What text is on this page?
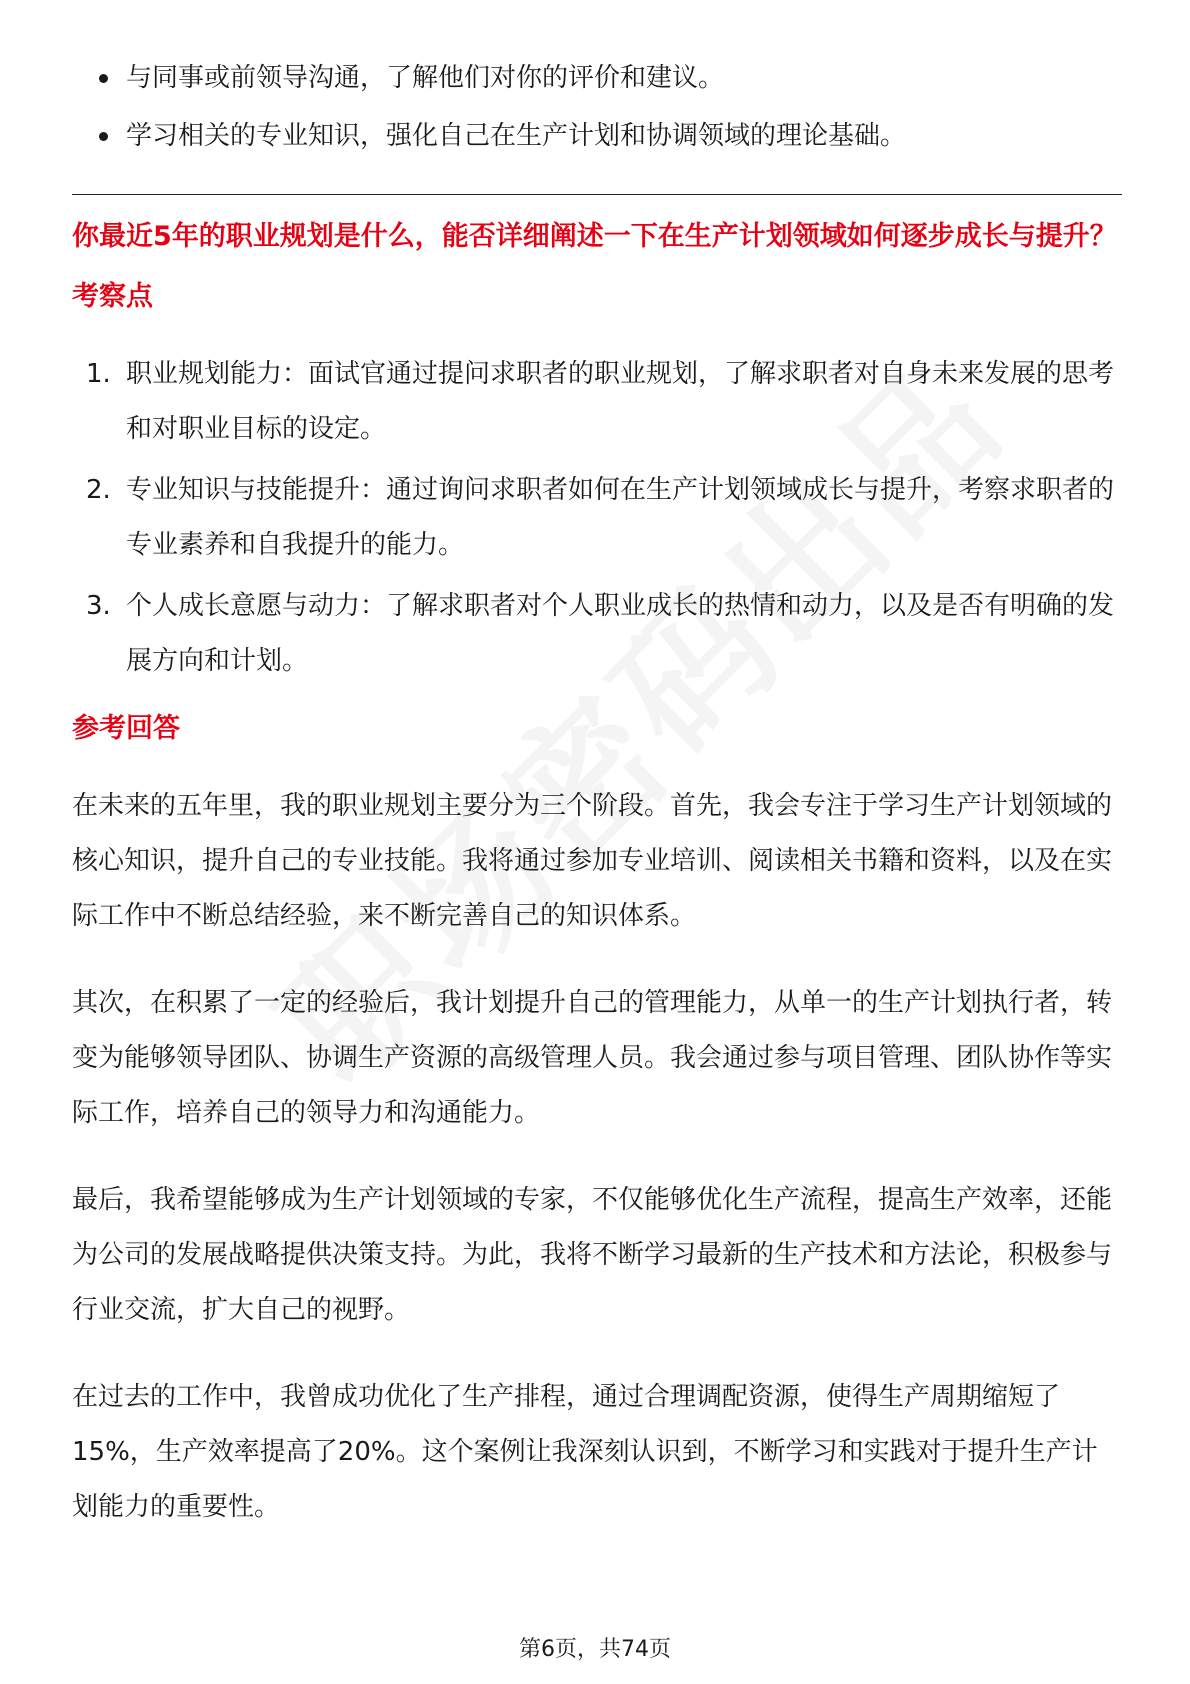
与同事或前领导沟通，了解他们对你的评价和建议。
学习相关的专业知识，强化自己在生产计划和协调领域的理论基础。
你最近5年的职业规划是什么，能否详细阐述一下在生产计划领域如何逐步成长与提升？
考察点
1. 职业规划能力：面试官通过提问求职者的职业规划，了解求职者对自身未来发展的思考和对职业目标的设定。
2. 专业知识与技能提升：通过询问求职者如何在生产计划领域成长与提升，考察求职者的专业素养和自我提升的能力。
3. 个人成长意愿与动力：了解求职者对个人职业成长的热情和动力，以及是否有明确的发展方向和计划。
参考回答

在未来的五年里，我的职业规划主要分为三个阶段。首先，我会专注于学习生产计划领域的核心知识，提升自己的专业技能。我将通过参加专业培训、阅读相关书籍和资料，以及在实际工作中不断总结经验，来不断完善自己的知识体系。

其次，在积累了一定的经验后，我计划提升自己的管理能力，从单一的生产计划执行者，转变为能够领导团队、协调生产资源的高级管理人员。我会通过参与项目管理、团队协作等实际工作，培养自己的领导力和沟通能力。

最后，我希望能够成为生产计划领域的专家，不仅能够优化生产流程，提高生产效率，还能为公司的发展战略提供决策支持。为此，我将不断学习最新的生产技术和方法论，积极参与行业交流，扩大自己的视野。

在过去的工作中，我曾成功优化了生产排程，通过合理调配资源，使得生产周期缩短了15%，生产效率提高了20%。这个案例让我深刻认识到，不断学习和实践对于提升生产计划能力的重要性。

第6页，共74页
